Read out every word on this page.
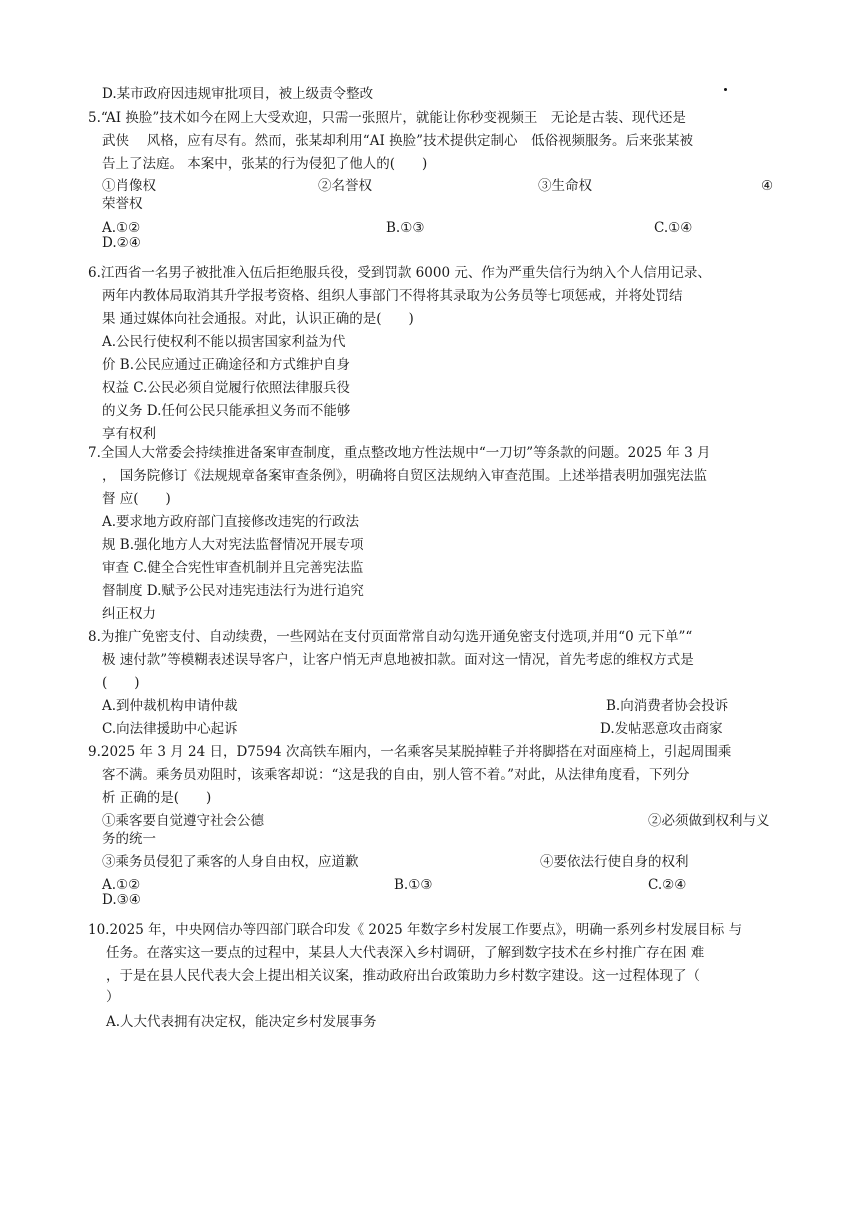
D.某市政府因违规审批项目，被上级责令整改
5.“AI 换脸”技术如今在网上大受欢迎，只需一张照片，就能让你秒变视频王　无论是古装、现代还是
武侠　 风格，应有尽有。然而，张某却利用“AI 换脸”技术提供定制心　低俗视频服务。后来张某被
告上了法庭。 本案中，张某的行为侵犯了他人的(　　)
①肖像权	②名誉权	③生命权	④
荣誉权
A.①②	B.①③	C.①④
D.②④
6.江西省一名男子被批准入伍后拒绝服兵役，受到罚款 6000 元、作为严重失信行为纳入个人信用记录、
两年内教体局取消其升学报考资格、组织人事部门不得将其录取为公务员等七项惩戒，并将处罚结
果 通过媒体向社会通报。对此，认识正确的是(　　)
A.公民行使权利不能以损害国家利益为代
价 B.公民应通过正确途径和方式维护自身
权益 C.公民必须自觉履行依照法律服兵役
的义务 D.任何公民只能承担义务而不能够
享有权利
7.全国人大常委会持续推进备案审查制度，重点整改地方性法规中“一刀切”等条款的问题。2025 年 3 月
， 国务院修订《法规规章备案审查条例》，明确将自贸区法规纳入审查范围。上述举措表明加强宪法监
督 应(　　)
A.要求地方政府部门直接修改违宪的行政法
规 B.强化地方人大对宪法监督情况开展专项
审查 C.健全合宪性审查机制并且完善宪法监
督制度 D.赋予公民对违宪违法行为进行追究
纠正权力
8.为推广免密支付、自动续费，一些网站在支付页面常常自动勾选开通免密支付选项,并用“0 元下单”“
极 速付款”等模糊表述误导客户，让客户悄无声息地被扣款。面对这一情况，首先考虑的维权方式是
(　　)
A.到仲裁机构申请仲裁	B.向消费者协会投诉
C.向法律援助中心起诉	D.发帖恶意攻击商家
9.2025 年 3 月 24 日，D7594 次高铁车厢内，一名乘客吴某脱掉鞋子并将脚搭在对面座椅上，引起周围乘
客不满。乘务员劝阻时，该乘客却说：“这是我的自由，别人管不着。”对此，从法律角度看，下列分
析 正确的是(　　)
①乘客要自觉遵守社会公德	②必须做到权利与义
务的统一
③乘务员侵犯了乘客的人身自由权，应道歉	④要依法行使自身的权利
A.①②	B.①③	C.②④
D.③④
10.2025 年，中央网信办等四部门联合印发《 2025 年数字乡村发展工作要点》，明确一系列乡村发展目标 与
任务。在落实这一要点的过程中，某县人大代表深入乡村调研，了解到数字技术在乡村推广存在困 难
，于是在县人民代表大会上提出相关议案，推动政府出台政策助力乡村数字建设。这一过程体现了（
）
A.人大代表拥有决定权，能决定乡村发展事务
